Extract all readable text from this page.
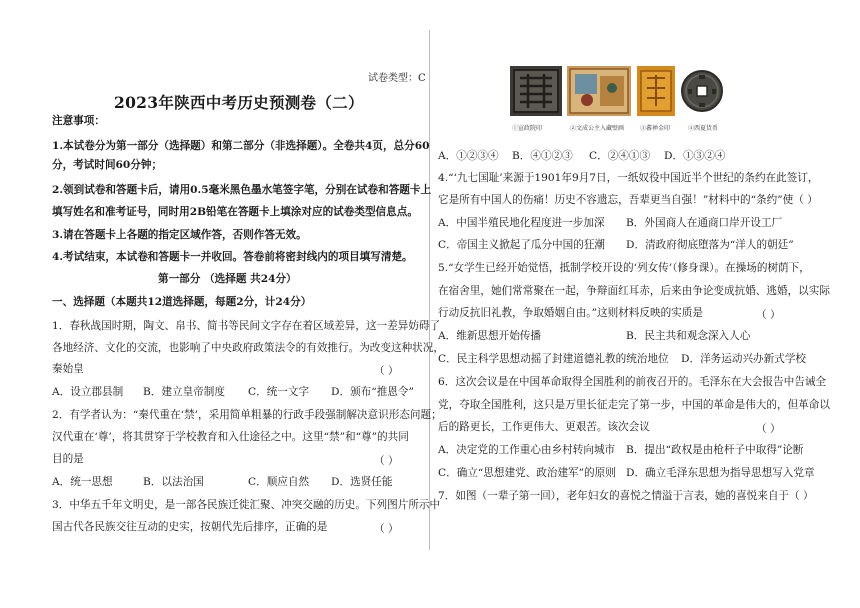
试卷类型：C
2023年陕西中考历史预测卷（二）
注意事项：
1.本试卷分为第一部分（选择题）和第二部分（非选择题）。全卷共4页，总分60
分，考试时间60分钟；
2.领到试卷和答题卡后，请用0.5毫米黑色墨水笔签字笔，分别在试卷和答题卡上
填写姓名和准考证号，同时用2B铅笔在答题卡上填涂对应的试卷类型信息点。
3.请在答题卡上各题的指定区域作答，否则作答无效。
4.考试结束，本试卷和答题卡一并收回。答卷前将密封线内的项目填写清楚。
第一部分 （选择题 共24分）
一、选择题（本题共12道选择题，每题2分，计24分）
1．春秋战国时期，陶文、帛书、简书等民间文字存在着区域差异，这一差异妨碍了
各地经济、文化的交流，也影响了中央政府政策法令的有效推行。为改变这种状况，
秦始皇	（ ）
A．设立郡县制 B．建立皇帝制度 C．统一文字 D．颁布“推恩令”
2．有学者认为：“秦代重在‘禁’，采用简单粗暴的行政手段强制解决意识形态问题；
汉代重在‘尊’，将其贯穿于学校教育和入仕途径之中。这里“禁”和“尊”的共同
目的是	（ ）
A．统一思想	B．以法治国	C．顺应自然 D．选贤任能
3．中华五千年文明史，是一部各民族迁徙汇聚、冲突交融的历史。下列图片所示中
国古代各民族交往互动的史实，按朝代先后排序，正确的是	（ ）
①宣政院印	②文成公主入藏壁画	③蕃禅金印	④西夏货币
A．①②③④ B．④①②③ C．②④①③ D．①③②④
4.“‘九七国耻’来源于1901年9月7日，一纸奴役中国近半个世纪的条约在此签订，
它是所有中国人的伤痛！历史不容遗忘，吾辈更当自强！”材料中的“条约”使（ ）
A．中国半殖民地化程度进一步加深 B．外国商人在通商口岸开设工厂
C．帝国主义掀起了瓜分中国的狂潮 D．清政府彻底堕落为“洋人的朝廷”
5.“女学生已经开始觉悟，抵制学校开设的‘列女传’（修身课）。在操场的树荫下，
在宿舍里，她们常常聚在一起，争辩面红耳赤，后来由争论变成抗婚、逃婚，以实际
行动反抗旧礼教，争取婚姻自由。”这则材料反映的实质是	（ ）
A．维新思想开始传播	B．民主共和观念深入人心
C．民主科学思想动摇了封建道德礼教的统治地位 D．洋务运动兴办新式学校
6．这次会议是在中国革命取得全国胜利的前夜召开的。毛泽东在大会报告中告诫全
党，夺取全国胜利，这只是万里长征走完了第一步，中国的革命是伟大的，但革命以
后的路更长，工作更伟大、更艰苦。该次会议	（ ）
A．决定党的工作重心由乡村转向城市 B．提出“政权是由枪杆子中取得”论断
C．确立“思想建党、政治建军”的原则 D．确立毛泽东思想为指导思想写入党章
7．如图（一辈子第一回），老年妇女的喜悦之情溢于言表，她的喜悦来自于（ ）
